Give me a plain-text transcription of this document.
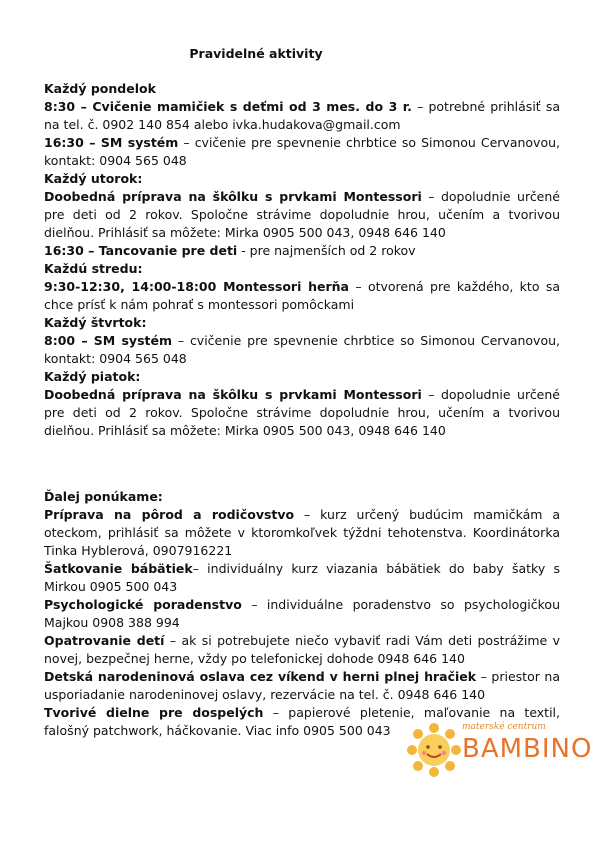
Pravidelné aktivity
Každý pondelok
8:30 – Cvičenie mamičiek s deťmi od 3 mes. do 3 r. – potrebné prihlásiť sa na tel. č. 0902 140 854 alebo ivka.hudakova@gmail.com
16:30 – SM systém – cvičenie pre spevnenie chrbtice so Simonou Cervanovou, kontakt: 0904 565 048
Každý utorok:
Doobedná príprava na škôlku s prvkami Montessori – dopoludnie určené pre deti od 2 rokov. Spoločne strávime dopoludnie hrou, učením a tvorivou dielňou. Prihlásiť sa môžete: Mirka 0905 500 043, 0948 646 140
16:30 – Tancovanie pre deti - pre najmenších od 2 rokov
Každú stredu:
9:30-12:30, 14:00-18:00 Montessori herňa – otvorená pre každého, kto sa chce prísť k nám pohrať s montessori pomôckami
Každý štvrtok:
8:00 – SM systém – cvičenie pre spevnenie chrbtice so Simonou Cervanovou, kontakt: 0904 565 048
Každý piatok:
Doobedná príprava na škôlku s prvkami Montessori – dopoludnie určené pre deti od 2 rokov. Spoločne strávime dopoludnie hrou, učením a tvorivou dielňou. Prihlásiť sa môžete: Mirka 0905 500 043, 0948 646 140
Ďalej ponúkame:
Príprava na pôrod a rodičovstvo – kurz určený budúcim mamičkám a oteckom, prihlásiť sa môžete v ktoromkoľvek týždni tehotenstva. Koordinátorka Tinka Hyblerová, 0907916221
Šatkovanie bábätiek– individuálny kurz viazania bábätiek do baby šatky s Mirkou 0905 500 043
Psychologické poradenstvo – individuálne poradenstvo so psychologičkou Majkou 0908 388 994
Opatrovanie detí – ak si potrebujete niečo vybaviť radi Vám deti postrážime v novej, bezpečnej herne, vždy po telefonickej dohode 0948 646 140
Detská narodeninová oslava cez víkend v herni plnej hračiek – priestor na usporiadanie narodeninovej oslavy, rezervácie na tel. č. 0948 646 140
Tvorivé dielne pre dospelých – papierové pletenie, maľovanie na textil, falošný patchwork, háčkovanie. Viac info 0905 500 043	materské centrum
BAMBINO
